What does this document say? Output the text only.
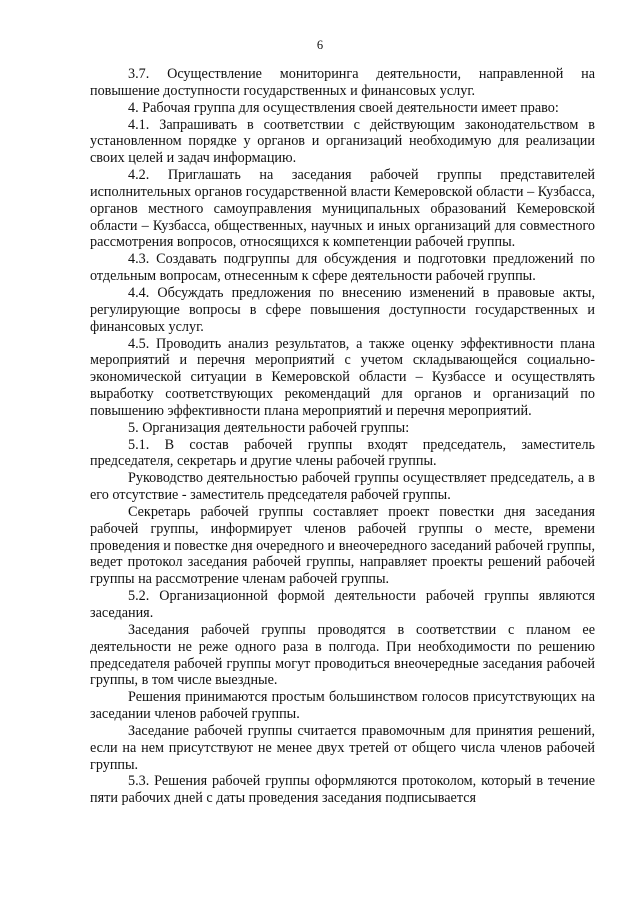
6

3.7. Осуществление мониторинга деятельности, направленной на повышение доступности государственных и финансовых услуг.

4. Рабочая группа для осуществления своей деятельности имеет право:

4.1. Запрашивать в соответствии с действующим законодательством в установленном порядке у органов и организаций необходимую для реализации своих целей и задач информацию.

4.2. Приглашать на заседания рабочей группы представителей исполнительных органов государственной власти Кемеровской области – Кузбасса, органов местного самоуправления муниципальных образований Кемеровской области – Кузбасса, общественных, научных и иных организаций для совместного рассмотрения вопросов, относящихся к компетенции рабочей группы.

4.3. Создавать подгруппы для обсуждения и подготовки предложений по отдельным вопросам, отнесенным к сфере деятельности рабочей группы.

4.4. Обсуждать предложения по внесению изменений в правовые акты, регулирующие вопросы в сфере повышения доступности государственных и финансовых услуг.

4.5. Проводить анализ результатов, а также оценку эффективности плана мероприятий и перечня мероприятий с учетом складывающейся социально-экономической ситуации в Кемеровской области – Кузбассе и осуществлять выработку соответствующих рекомендаций для органов и организаций по повышению эффективности плана мероприятий и перечня мероприятий.

5. Организация деятельности рабочей группы:

5.1. В состав рабочей группы входят председатель, заместитель председателя, секретарь и другие члены рабочей группы.

Руководство деятельностью рабочей группы осуществляет председатель, а в его отсутствие - заместитель председателя рабочей группы.

Секретарь рабочей группы составляет проект повестки дня заседания рабочей группы, информирует членов рабочей группы о месте, времени проведения и повестке дня очередного и внеочередного заседаний рабочей группы, ведет протокол заседания рабочей группы, направляет проекты решений рабочей группы на рассмотрение членам рабочей группы.

5.2. Организационной формой деятельности рабочей группы являются заседания.

Заседания рабочей группы проводятся в соответствии с планом ее деятельности не реже одного раза в полгода. При необходимости по решению председателя рабочей группы могут проводиться внеочередные заседания рабочей группы, в том числе выездные.

Решения принимаются простым большинством голосов присутствующих на заседании членов рабочей группы.

Заседание рабочей группы считается правомочным для принятия решений, если на нем присутствуют не менее двух третей от общего числа членов рабочей группы.

5.3. Решения рабочей группы оформляются протоколом, который в течение пяти рабочих дней с даты проведения заседания подписывается
